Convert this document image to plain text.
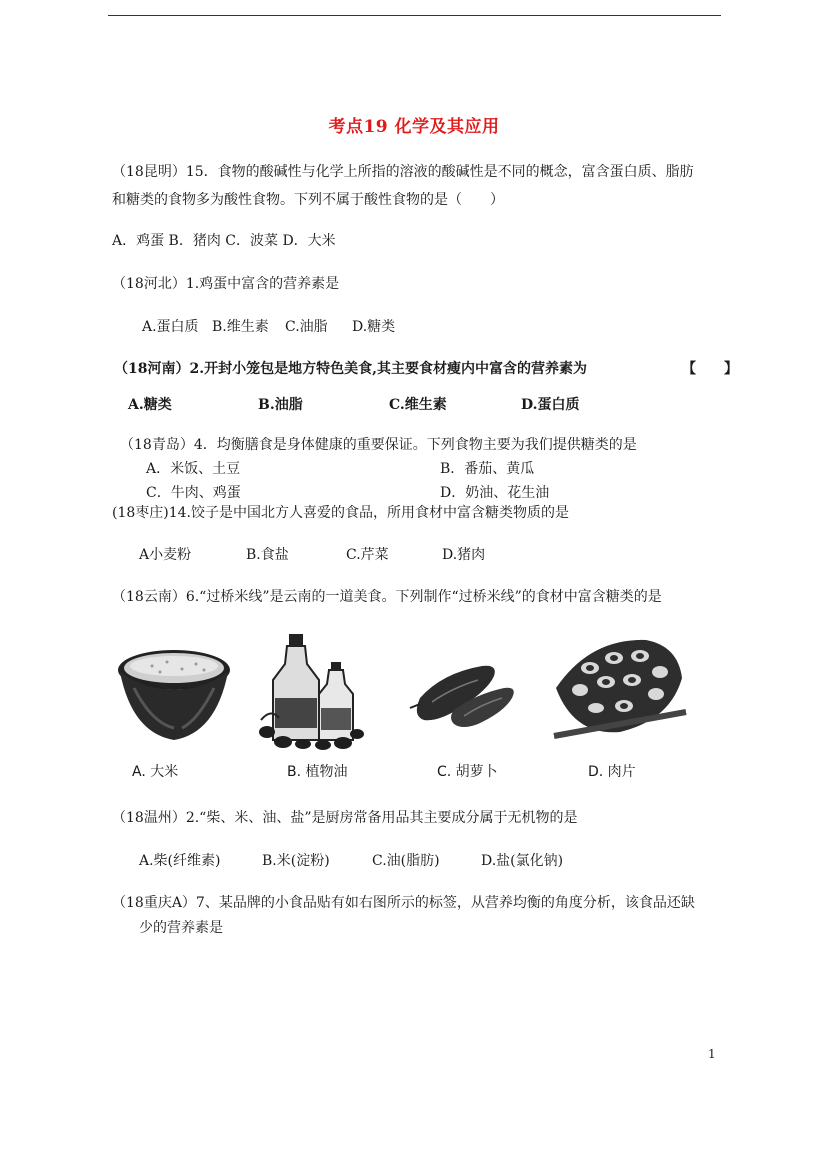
考点19 化学及其应用
（18昆明）15．食物的酸碱性与化学上所指的溶液的酸碱性是不同的概念，富含蛋白质、脂肪
和糖类的食物多为酸性食物。下列不属于酸性食物的是（　　）
A．鸡蛋 B．猪肉 C．波菜 D．大米
（18河北）1.鸡蛋中富含的营养素是
A.蛋白质 B.维生素 C.油脂 D.糖类
（18河南）2.开封小笼包是地方特色美食,其主要食材瘦内中富含的营养素为	【　　】
A.糖类	B.油脂	C.维生素	D.蛋白质
（18青岛）4．均衡膳食是身体健康的重要保证。下列食物主要为我们提供糖类的是
A．米饭、土豆	B．番茄、黄瓜
C．牛肉、鸡蛋	D．奶油、花生油
(18枣庄)14.饺子是中国北方人喜爱的食品，所用食材中富含糖类物质的是
A小麦粉	B.食盐	C.芹菜	D.猪肉
（18云南）6.“过桥米线”是云南的一道美食。下列制作“过桥米线”的食材中富含糖类的是
A. 大米	B. 植物油	C. 胡萝卜	D. 肉片
（18温州）2.“柴、米、油、盐”是厨房常备用品其主要成分属于无机物的是
A.柴(纤维素)	B.米(淀粉)	C.油(脂肪)	D.盐(氯化钠)
（18重庆A）7、某品牌的小食品贴有如右图所示的标签，从营养均衡的角度分析，该食品还缺
少的营养素是
1
